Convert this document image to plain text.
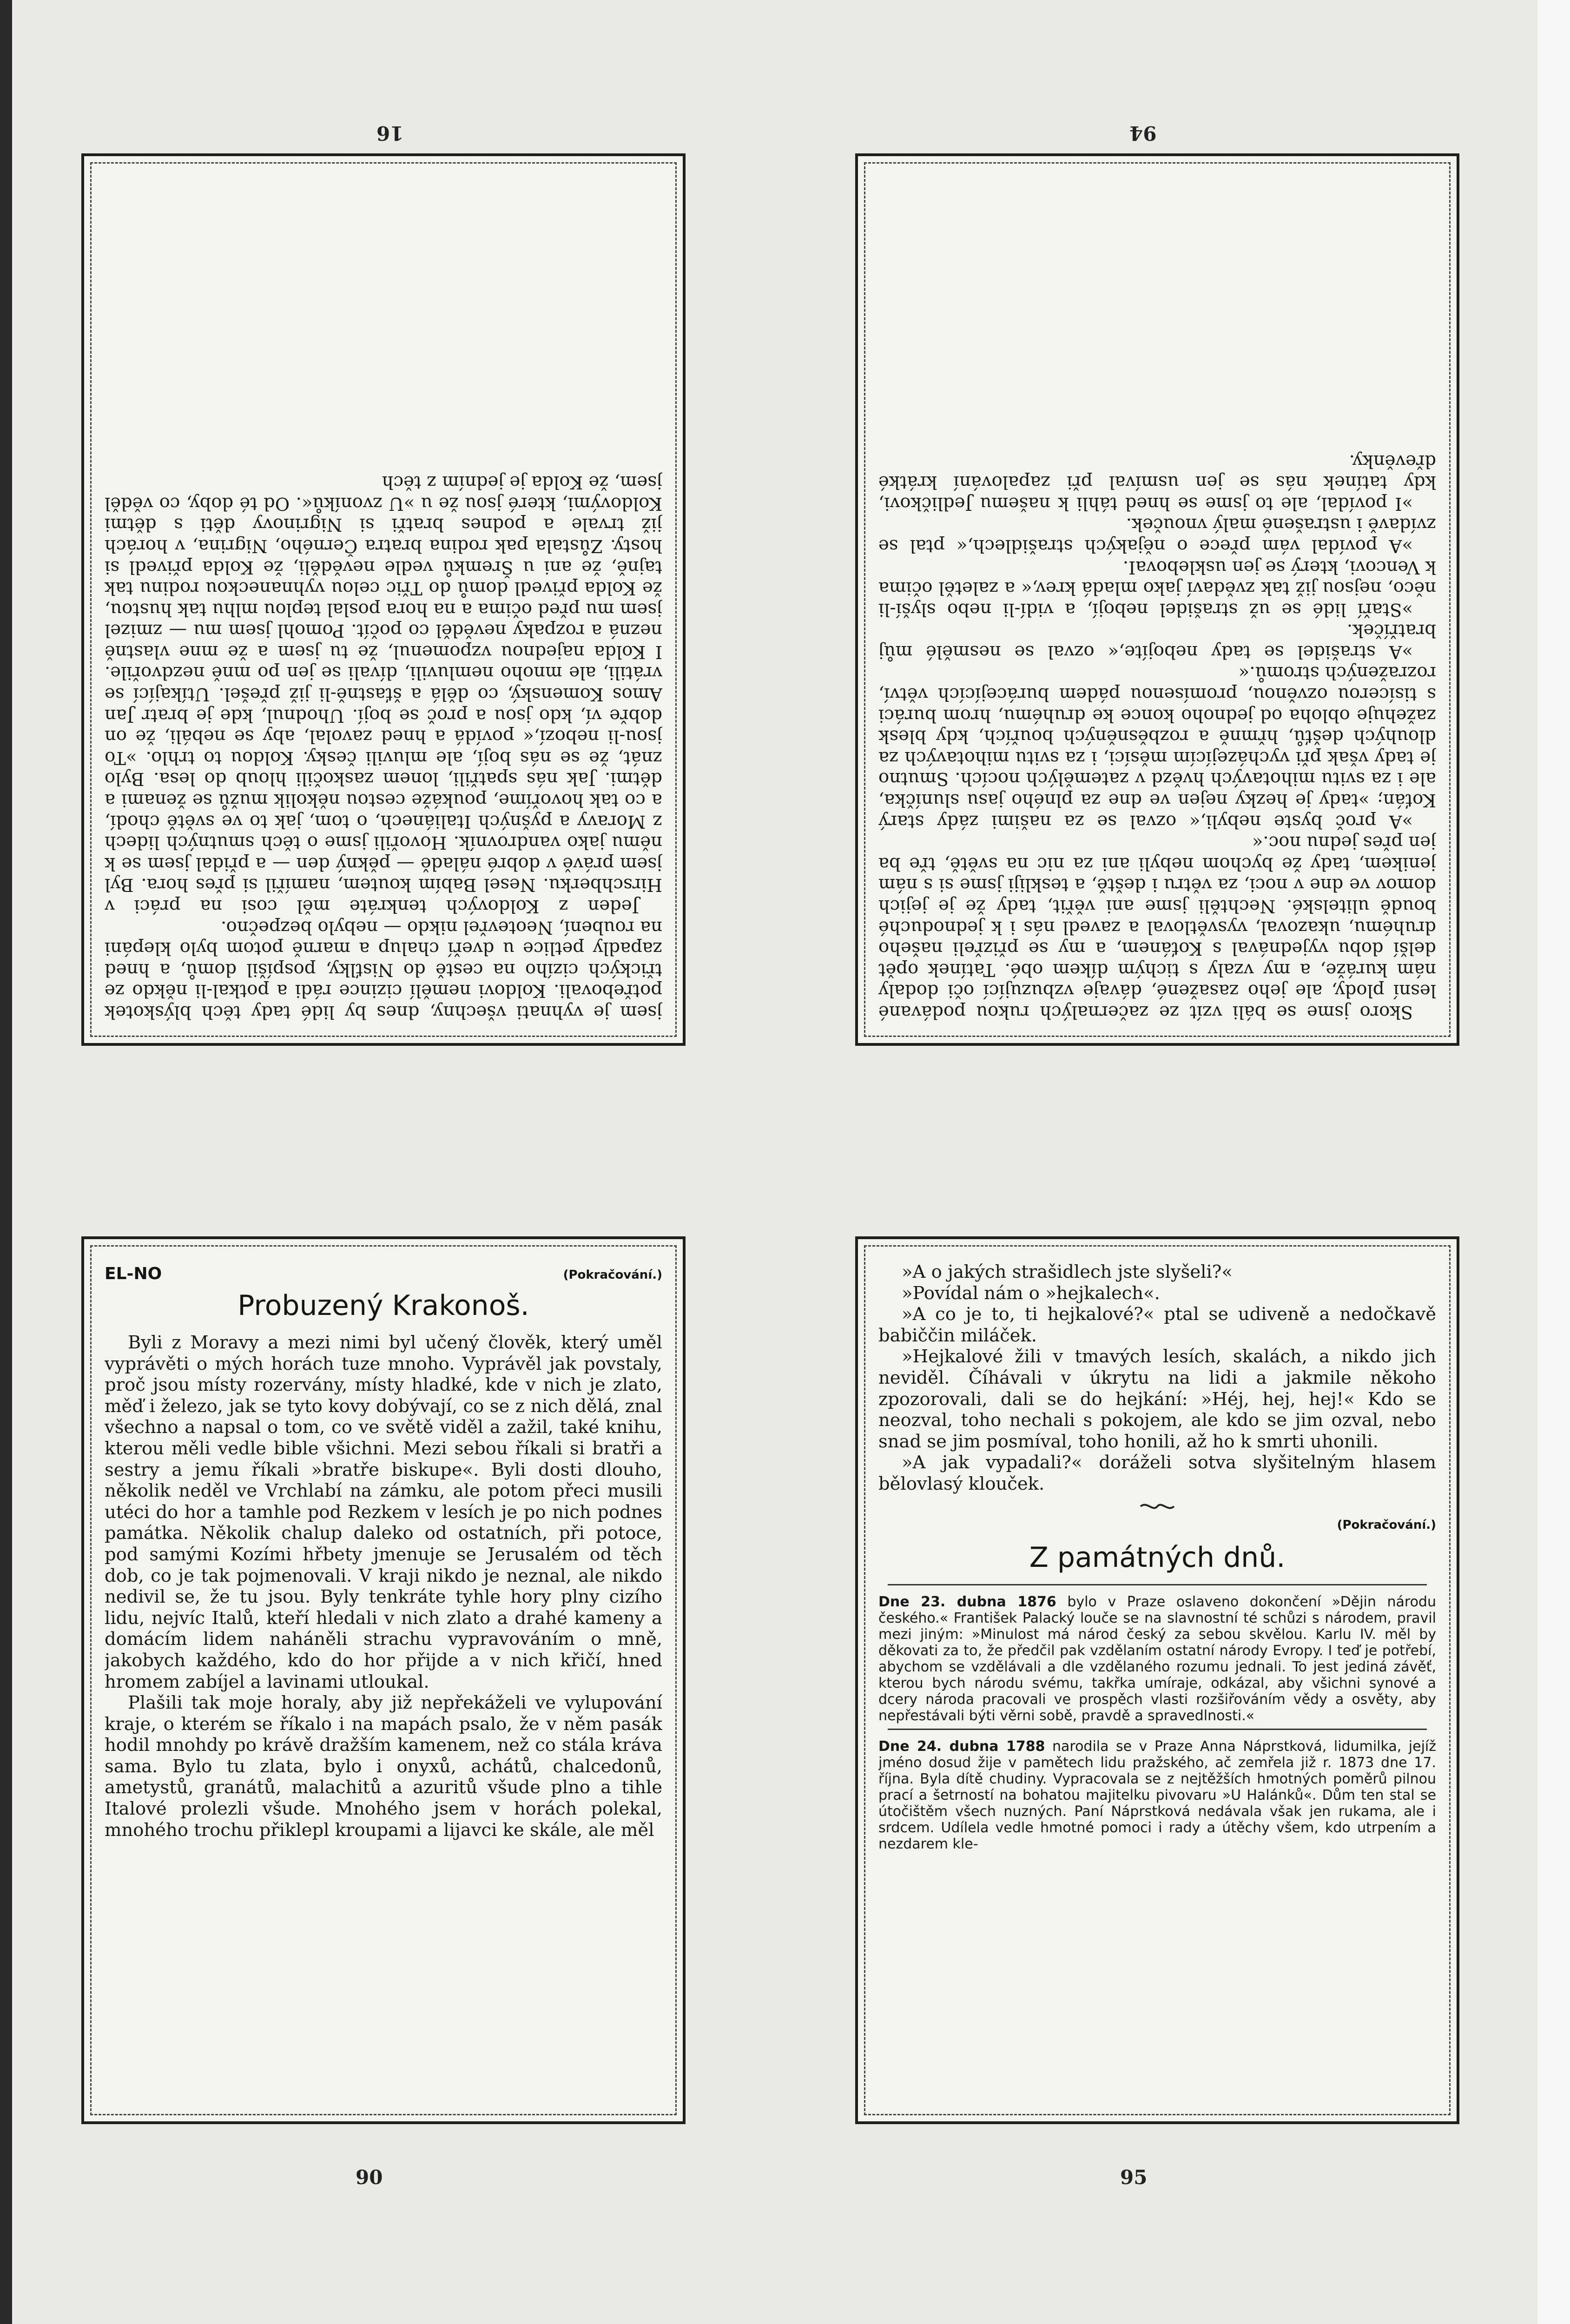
16	94
90	95

jsem je vyhnati všechny, dnes by lidé tady těch blýskotek potřebovali. Koldovi nemělí cizince rádi a potkal-li někdo ze třických cizího na cestě do Nisťlky, pospíšil domů, a hned zapadly petlice u dveří chalup a marně potom bylo klepáni na roubení, Neotevřel nikdo — nebylo bezpečno.

Jeden z Koldových tenkráte měl cosi na práci v Hirschberku. Nesel Babím koutem, namířil si přes hora. Byl jsem právě v dobré náladě — pěkný den — a přidal jsem se k němu jako vandrovník. Hovořili jsme o těch smutných lidech z Moravy a pyšných Italiánech, o tom, jak to ve světě chodí, a co tak hovoříme, poukáže cestou několik mužů se ženami a dětmi. Jak nás spatřili, lonem zaskočili hloub do lesa. Bylo znát, že se nás bojí, ale mluvili česky. Koldou to trhlo. »To jsou-li nebozí,« povídá a hned zavolal, aby se nebáli, že on dobře ví, kdo jsou a proč se bojí. Uhodnul, kde je bratr Jan Amos Komenský, co dělá a šťastně-li již přešel. Utíkající se vrátili, ale mnoho nemluvili, dívali se jen po mně nezdvořile. I Kolda najednou vzpomenul, že tu jsem a že mne vlastně nezná a rozpaky nevěděl co počít. Pomohl jsem mu — zmizel jsem mu před očima a na hora poslal teplou mlhu tak hustou, že Kolda přivedl domů do Třic celou vyhnaneckou rodinu tak tajně, že ani u Šremků vedle nevěděli, že Kolda přivedl si hosty. Zůstala pak rodina bratra Černého, Nigrina, v horách již trvale a podnes bratři si Nigrinovy děti s dětmi Koldovými, které jsou že u »U zvoníků«. Od té doby, co věděl jsem, že Kolda je jedním z těch

Skoro jsme se báli vzít ze začernalých rukou podávané lesní plody, ale jeho zasažené, dávaje vzbuzující oči dodaly nám kuráže, a my vzaly s tichým díkem obé. Tatínek opět delší dobu vyjednával s Koťánem, a my se přizřeli našeho druhému, ukazoval, vysvětloval a zavedl nás i k jednoduché boudě ulitelské. Nechtěli jsme ani věřit, tady že je jejich domov ve dne v noci, za větru i deště, a teskliji jsme si s nám jenikem, tady že bychom nebyli ani za nic na světě, tře ba jen přes jednu noc.«

»A proč byste nebyli,« ozval se za našimi zády starý Koťán; »tady je hezky nejen ve dne za plného jasu sluníčka, ale i za svitu mihotavých hvězd v zatemělých nocích. Smutno je tady však při vycházejícím měsíci, i za svitu mihotavých za dlouhých dešťů, hřmně a rozběsněných bouřích, kdy blesk zažehuje obloha od jednoho konce ke druhému, hrom buráci s tisícerou ozvěnou, promísenou pádem burácejících větví, rozražených stromů.«

»A strašidel se tady nebojíte,« ozval se nesmělé můj bratříček.

»Staří lidé se už strašidel nebojí, a vidí-li nebo slyší-li něco, nejsou již tak zvědaví jako mladá krev,« a zaletěl očima k Vencovi, který se jen usklebovaI.

»A povídal vám přece o nějakých strašidlech,« ptal se zvídavě i ustrašeně malý vnouček.

»I povídal, ale to jsme se hned táhli k našemu Jedličkovi, kdy tatínek nás se jen usmíval při zapalování krátké dřevěnky.

EL-NO	(Pokračování.)
Probuzený Krakonoš.

Byli z Moravy a mezi nimi byl učený člověk, který uměl vyprávěti o mých horách tuze mnoho. Vyprávěl jak povstaly, proč jsou místy rozervány, místy hladké, kde v nich je zlato, měď i železo, jak se tyto kovy dobývají, co se z nich dělá, znal všechno a napsal o tom, co ve světě viděl a zažil, také knihu, kterou měli vedle bible všichni. Mezi sebou říkali si bratři a sestry a jemu říkali »bratře biskupe«. Byli dosti dlouho, několik neděl ve Vrchlabí na zámku, ale potom přeci musili utéci do hor a tamhle pod Rezkem v lesích je po nich podnes památka. Několik chalup daleko od ostatních, při potoce, pod samými Kozími hřbety jmenuje se Jerusalém od těch dob, co je tak pojmenovali. V kraji nikdo je neznal, ale nikdo nedivil se, že tu jsou. Byly tenkráte tyhle hory plny cizího lidu, nejvíc Italů, kteří hledali v nich zlato a drahé kameny a domácím lidem naháněli strachu vypravováním o mně, jakobych každého, kdo do hor přijde a v nich křičí, hned hromem zabíjel a lavinami utloukal.

Plašili tak moje horaly, aby již nepřekáželi ve vylupování kraje, o kterém se říkalo i na mapách psalo, že v něm pasák hodil mnohdy po krávě dražším kamenem, než co stála kráva sama. Bylo tu zlata, bylo i onyxů, achátů, chalcedonů, ametystů, granátů, malachitů a azuritů všude plno a tihle Italové prolezli všude. Mnohého jsem v horách polekal, mnohého trochu přiklepl kroupami a lijavci ke skále, ale měl

»A o jakých strašidlech jste slyšeli?«

»Povídal nám o »hejkalech«.

»A co je to, ti hejkalové?« ptal se udiveně a nedočkavě babiččin miláček.

»Hejkalové žili v tmavých lesích, skalách, a nikdo jich neviděl. Číhávali v úkrytu na lidi a jakmile někoho zpozorovali, dali se do hejkání: »Héj, hej, hej!« Kdo se neozval, toho nechali s pokojem, ale kdo se jim ozval, nebo snad se jim posmíval, toho honili, až ho k smrti uhonili.

»A jak vypadali?« doráželi sotva slyšitelným hlasem bělovlasý klouček.

(Pokračování.)
Z památných dnů.

Dne 23. dubna 1876 bylo v Praze oslaveno dokončení »Dějin národu českého.« František Palacký louče se na slavnostní té schůzi s národem, pravil mezi jiným: »Minulost má národ český za sebou skvělou. Karlu IV. měl by děkovati za to, že předčil pak vzdělaním ostatní národy Evropy. I teď je potřebí, abychom se vzdělávali a dle vzdělaného rozumu jednali. To jest jediná závěť, kterou bych národu svému, takřka umíraje, odkázal, aby všichni synové a dcery národa pracovali ve prospěch vlasti rozšiřováním vědy a osvěty, aby nepřestávali býti věrni sobě, pravdě a spravedlnosti.«

Dne 24. dubna 1788 narodila se v Praze Anna Náprstková, lidumilka, jejíž jméno dosud žije v pamětech lidu pražského, ač zemřela již r. 1873 dne 17. října. Byla dítě chudiny. Vypracovala se z nejtěžších hmotných poměrů pilnou prací a šetrností na bohatou majitelku pivovaru »U Halánků«. Dům ten stal se útočištěm všech nuzných. Paní Náprstková nedávala však jen rukama, ale i srdcem. Udílela vedle hmotné pomoci i rady a útěchy všem, kdo utrpením a nezdarem kle-
